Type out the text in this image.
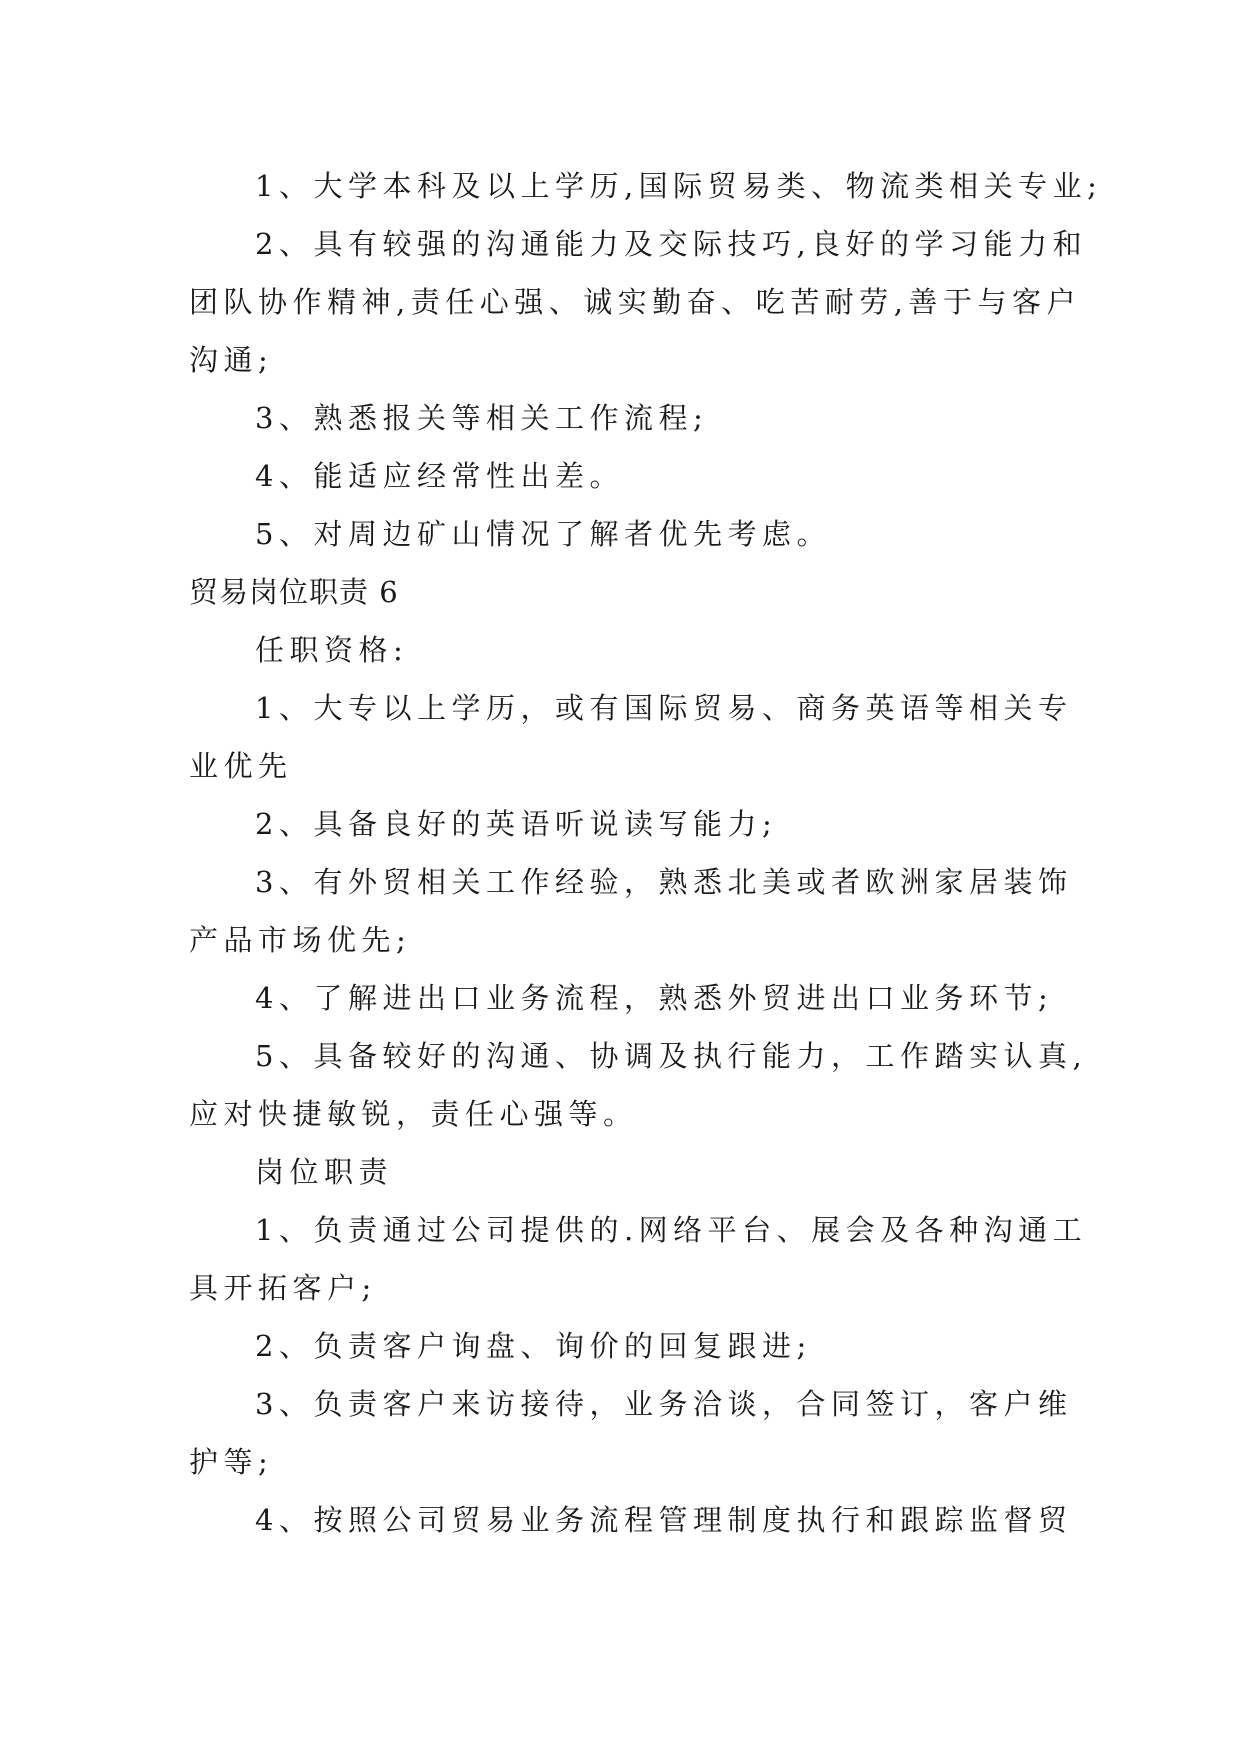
1、大学本科及以上学历,国际贸易类、物流类相关专业;
2、具有较强的沟通能力及交际技巧,良好的学习能力和
团队协作精神,责任心强、诚实勤奋、吃苦耐劳,善于与客户
沟通;
3、熟悉报关等相关工作流程;
4、能适应经常性出差。
5、对周边矿山情况了解者优先考虑。
贸易岗位职责 6
任职资格:
1、大专以上学历，或有国际贸易、商务英语等相关专
业优先
2、具备良好的英语听说读写能力;
3、有外贸相关工作经验，熟悉北美或者欧洲家居装饰
产品市场优先;
4、了解进出口业务流程，熟悉外贸进出口业务环节;
5、具备较好的沟通、协调及执行能力，工作踏实认真,
应对快捷敏锐，责任心强等。
岗位职责
1、负责通过公司提供的.网络平台、展会及各种沟通工
具开拓客户;
2、负责客户询盘、询价的回复跟进;
3、负责客户来访接待，业务洽谈，合同签订，客户维
护等;
4、按照公司贸易业务流程管理制度执行和跟踪监督贸
